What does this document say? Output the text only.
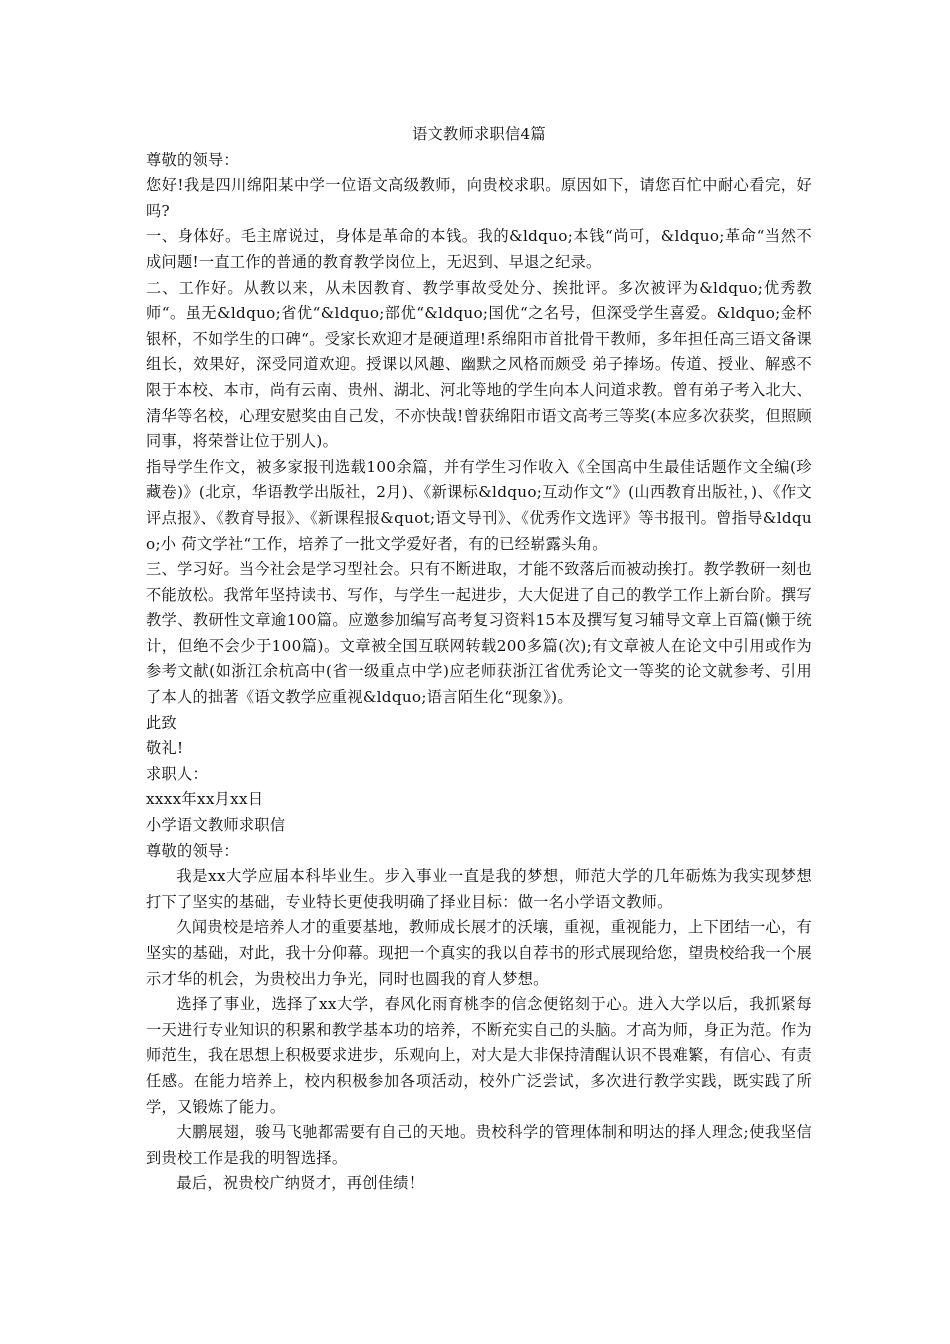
语文教师求职信4篇
尊敬的领导：
您好!我是四川绵阳某中学一位语文高级教师，向贵校求职。原因如下，请您百忙中耐心看完，好吗?
一、身体好。毛主席说过，身体是革命的本钱。我的&ldquo;本钱“尚可，&ldquo;革命“当然不成问题!一直工作的普通的教育教学岗位上，无迟到、早退之纪录。
二、工作好。从教以来，从未因教育、教学事故受处分、挨批评。多次被评为&ldquo;优秀教师“。虽无&ldquo;省优“&ldquo;部优“&ldquo;国优“之名号，但深受学生喜爱。&ldquo;金杯 银杯，不如学生的口碑“。受家长欢迎才是硬道理!系绵阳市首批骨干教师，多年担任高三语文备课组长，效果好，深受同道欢迎。授课以风趣、幽默之风格而颇受 弟子捧场。传道、授业、解惑不限于本校、本市，尚有云南、贵州、湖北、河北等地的学生向本人问道求教。曾有弟子考入北大、清华等名校，心理安慰奖由自己发，不亦快哉!曾获绵阳市语文高考三等奖(本应多次获奖，但照顾同事，将荣誉让位于别人)。
指导学生作文，被多家报刊选载100余篇，并有学生习作收入《全国高中生最佳话题作文全编(珍藏卷)》(北京，华语教学出版社，2月)、《新课标&ldquo;互动作文“》(山西教育出版社，)、《作文评点报》、《教育导报》、《新课程报&quot;语文导刊》、《优秀作文选评》等书报刊。曾指导&ldquo;小 荷文学社“工作，培养了一批文学爱好者，有的已经崭露头角。
三、学习好。当今社会是学习型社会。只有不断进取，才能不致落后而被动挨打。教学教研一刻也不能放松。我常年坚持读书、写作，与学生一起进步，大大促进了自己的教学工作上新台阶。撰写教学、教研性文章逾100篇。应邀参加编写高考复习资料15本及撰写复习辅导文章上百篇(懒于统计，但绝不会少于100篇)。文章被全国互联网转载200多篇(次);有文章被人在论文中引用或作为参考文献(如浙江余杭高中(省一级重点中学)应老师获浙江省优秀论文一等奖的论文就参考、引用了本人的拙著《语文教学应重视&ldquo;语言陌生化“现象》)。
此致
敬礼!
求职人：
xxxx年xx月xx日
小学语文教师求职信
尊敬的领导：
我是xx大学应届本科毕业生。步入事业一直是我的梦想，师范大学的几年砺炼为我实现梦想打下了坚实的基础，专业特长更使我明确了择业目标：做一名小学语文教师。
久闻贵校是培养人才的重要基地，教师成长展才的沃壤，重视，重视能力，上下团结一心，有坚实的基础，对此，我十分仰幕。现把一个真实的我以自荐书的形式展现给您，望贵校给我一个展示才华的机会，为贵校出力争光，同时也圆我的育人梦想。
选择了事业，选择了xx大学，春风化雨育桃李的信念便铭刻于心。进入大学以后，我抓紧每一天进行专业知识的积累和教学基本功的培养，不断充实自己的头脑。才高为师，身正为范。作为师范生，我在思想上积极要求进步，乐观向上，对大是大非保持清醒认识不畏难繁，有信心、有责任感。在能力培养上，校内积极参加各项活动，校外广泛尝试，多次进行教学实践，既实践了所学，又锻炼了能力。
大鹏展翅，骏马飞驰都需要有自己的天地。贵校科学的管理体制和明达的择人理念;使我坚信到贵校工作是我的明智选择。
最后，祝贵校广纳贤才，再创佳绩！
